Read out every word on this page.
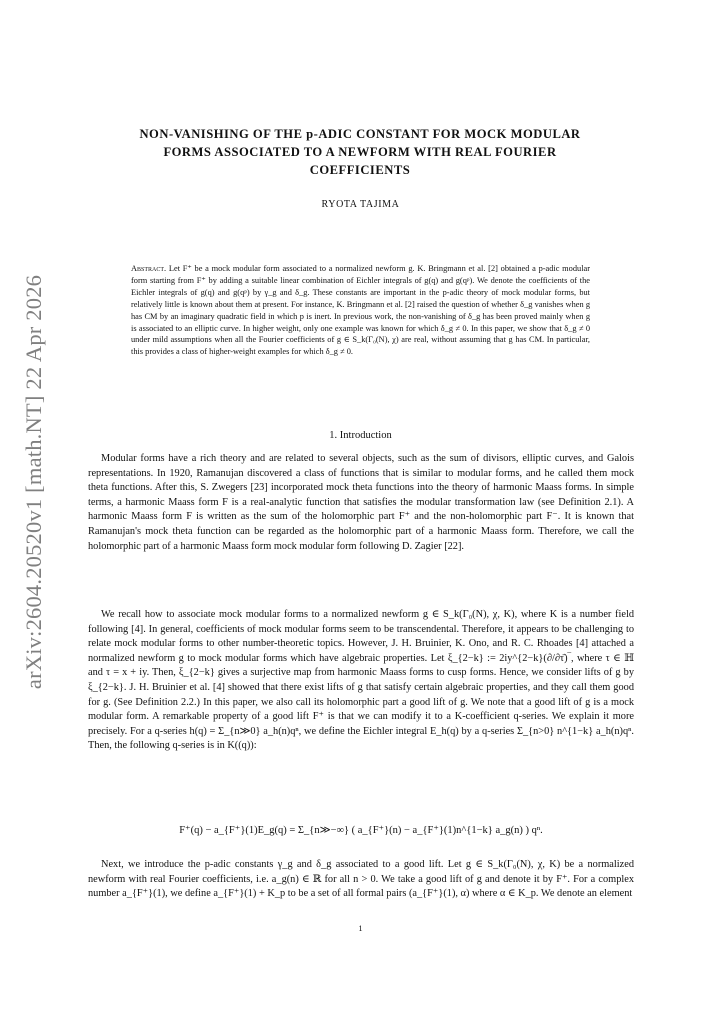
arXiv:2604.20520v1 [math.NT] 22 Apr 2026
NON-VANISHING OF THE p-ADIC CONSTANT FOR MOCK MODULAR
FORMS ASSOCIATED TO A NEWFORM WITH REAL FOURIER
COEFFICIENTS
RYOTA TAJIMA
Abstract. Let F⁺ be a mock modular form associated to a normalized newform g. K. Bringmann et al. [2] obtained a p-adic modular form starting from F⁺ by adding a suitable linear combination of Eichler integrals of g(q) and g(qᵖ). We denote the coefficients of the Eichler integrals of g(q) and g(qᵖ) by γ_g and δ_g. These constants are important in the p-adic theory of mock modular forms, but relatively little is known about them at present. For instance, K. Bringmann et al. [2] raised the question of whether δ_g vanishes when g has CM by an imaginary quadratic field in which p is inert. In previous work, the non-vanishing of δ_g has been proved mainly when g is associated to an elliptic curve. In higher weight, only one example was known for which δ_g ≠ 0. In this paper, we show that δ_g ≠ 0 under mild assumptions when all the Fourier coefficients of g ∈ S_k(Γ₀(N), χ) are real, without assuming that g has CM. In particular, this provides a class of higher-weight examples for which δ_g ≠ 0.
1. Introduction

Modular forms have a rich theory and are related to several objects, such as the sum of divisors, elliptic curves, and Galois representations. In 1920, Ramanujan discovered a class of functions that is similar to modular forms, and he called them mock theta functions. After this, S. Zwegers [23] incorporated mock theta functions into the theory of harmonic Maass forms. In simple terms, a harmonic Maass form F is a real-analytic function that satisfies the modular transformation law (see Definition 2.1). A harmonic Maass form F is written as the sum of the holomorphic part F⁺ and the non-holomorphic part F⁻. It is known that Ramanujan's mock theta function can be regarded as the holomorphic part of a harmonic Maass form. Therefore, we call the holomorphic part of a harmonic Maass form mock modular form following D. Zagier [22].

We recall how to associate mock modular forms to a normalized newform g ∈ S_k(Γ₀(N), χ, K), where K is a number field following [4]. In general, coefficients of mock modular forms seem to be transcendental. Therefore, it appears to be challenging to relate mock modular forms to other number-theoretic topics. However, J. H. Bruinier, K. Ono, and R. C. Rhoades [4] attached a normalized newform g to mock modular forms which have algebraic properties. Let ξ_{2−k} := 2iy^{2−k}(∂/∂τ̄)‾, where τ ∈ ℍ and τ = x + iy. Then, ξ_{2−k} gives a surjective map from harmonic Maass forms to cusp forms. Hence, we consider lifts of g by ξ_{2−k}. J. H. Bruinier et al. [4] showed that there exist lifts of g that satisfy certain algebraic properties, and they call them good for g. (See Definition 2.2.) In this paper, we also call its holomorphic part a good lift of g. We note that a good lift of g is a mock modular form. A remarkable property of a good lift F⁺ is that we can modify it to a K-coefficient q-series. We explain it more precisely. For a q-series h(q) = Σ_{n≫0} a_h(n)qⁿ, we define the Eichler integral E_h(q) by a q-series Σ_{n>0} n^{1−k} a_h(n)qⁿ. Then, the following q-series is in K((q)):

F⁺(q) − a_{F⁺}(1)E_g(q) = Σ_{n≫−∞} ( a_{F⁺}(n) − a_{F⁺}(1)n^{1−k} a_g(n) ) qⁿ.

Next, we introduce the p-adic constants γ_g and δ_g associated to a good lift. Let g ∈ S_k(Γ₀(N), χ, K) be a normalized newform with real Fourier coefficients, i.e. a_g(n) ∈ ℝ for all n > 0. We take a good lift of g and denote it by F⁺. For a complex number a_{F⁺}(1), we define a_{F⁺}(1) + K_p to be a set of all formal pairs (a_{F⁺}(1), α) where α ∈ K_p. We denote an element

1
